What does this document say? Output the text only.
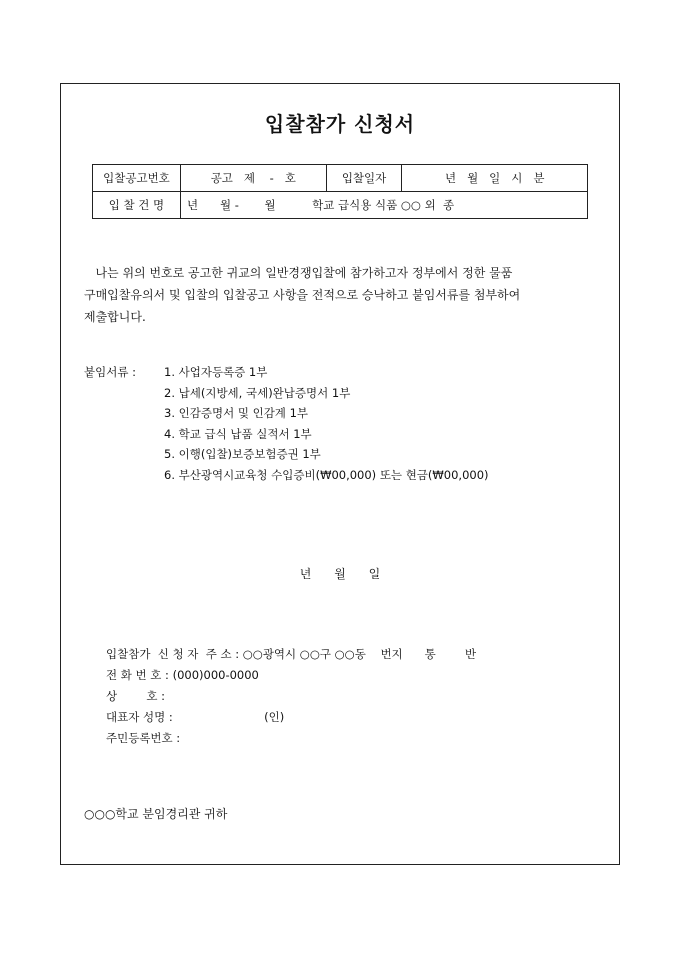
입찰참가 신청서
입찰공고번호	공고   제    -   호	입찰일자	년   월   일   시   분
입 찰 건 명	년      월 -       월          학교 급식용 식품 ○○ 외  종		
나는 위의 번호로 공고한 귀교의 일반경쟁입찰에 참가하고자 정부에서 정한 물품
구매입찰유의서 및 입찰의 입찰공고 사항을 전적으로 승낙하고 붙임서류를 첨부하여
제출합니다.
붙임서류 : 1. 사업자등록증 1부
2. 납세(지방세, 국세)완납증명서 1부
3. 인감증명서 및 인감계 1부
4. 학교 급식 납품 실적서 1부
5. 이행(입찰)보증보험증권 1부
6. 부산광역시교육청 수입증비(₩00,000) 또는 현금(₩00,000)
년      월      일
입찰참가  신 청 자  주 소 : ○○광역시 ○○구 ○○동    번지      통        반
전 화 번 호 : (000)000-0000
상        호 :
대표자 성명 :                         (인)
주민등록번호 :
○○○학교 분임경리관 귀하
